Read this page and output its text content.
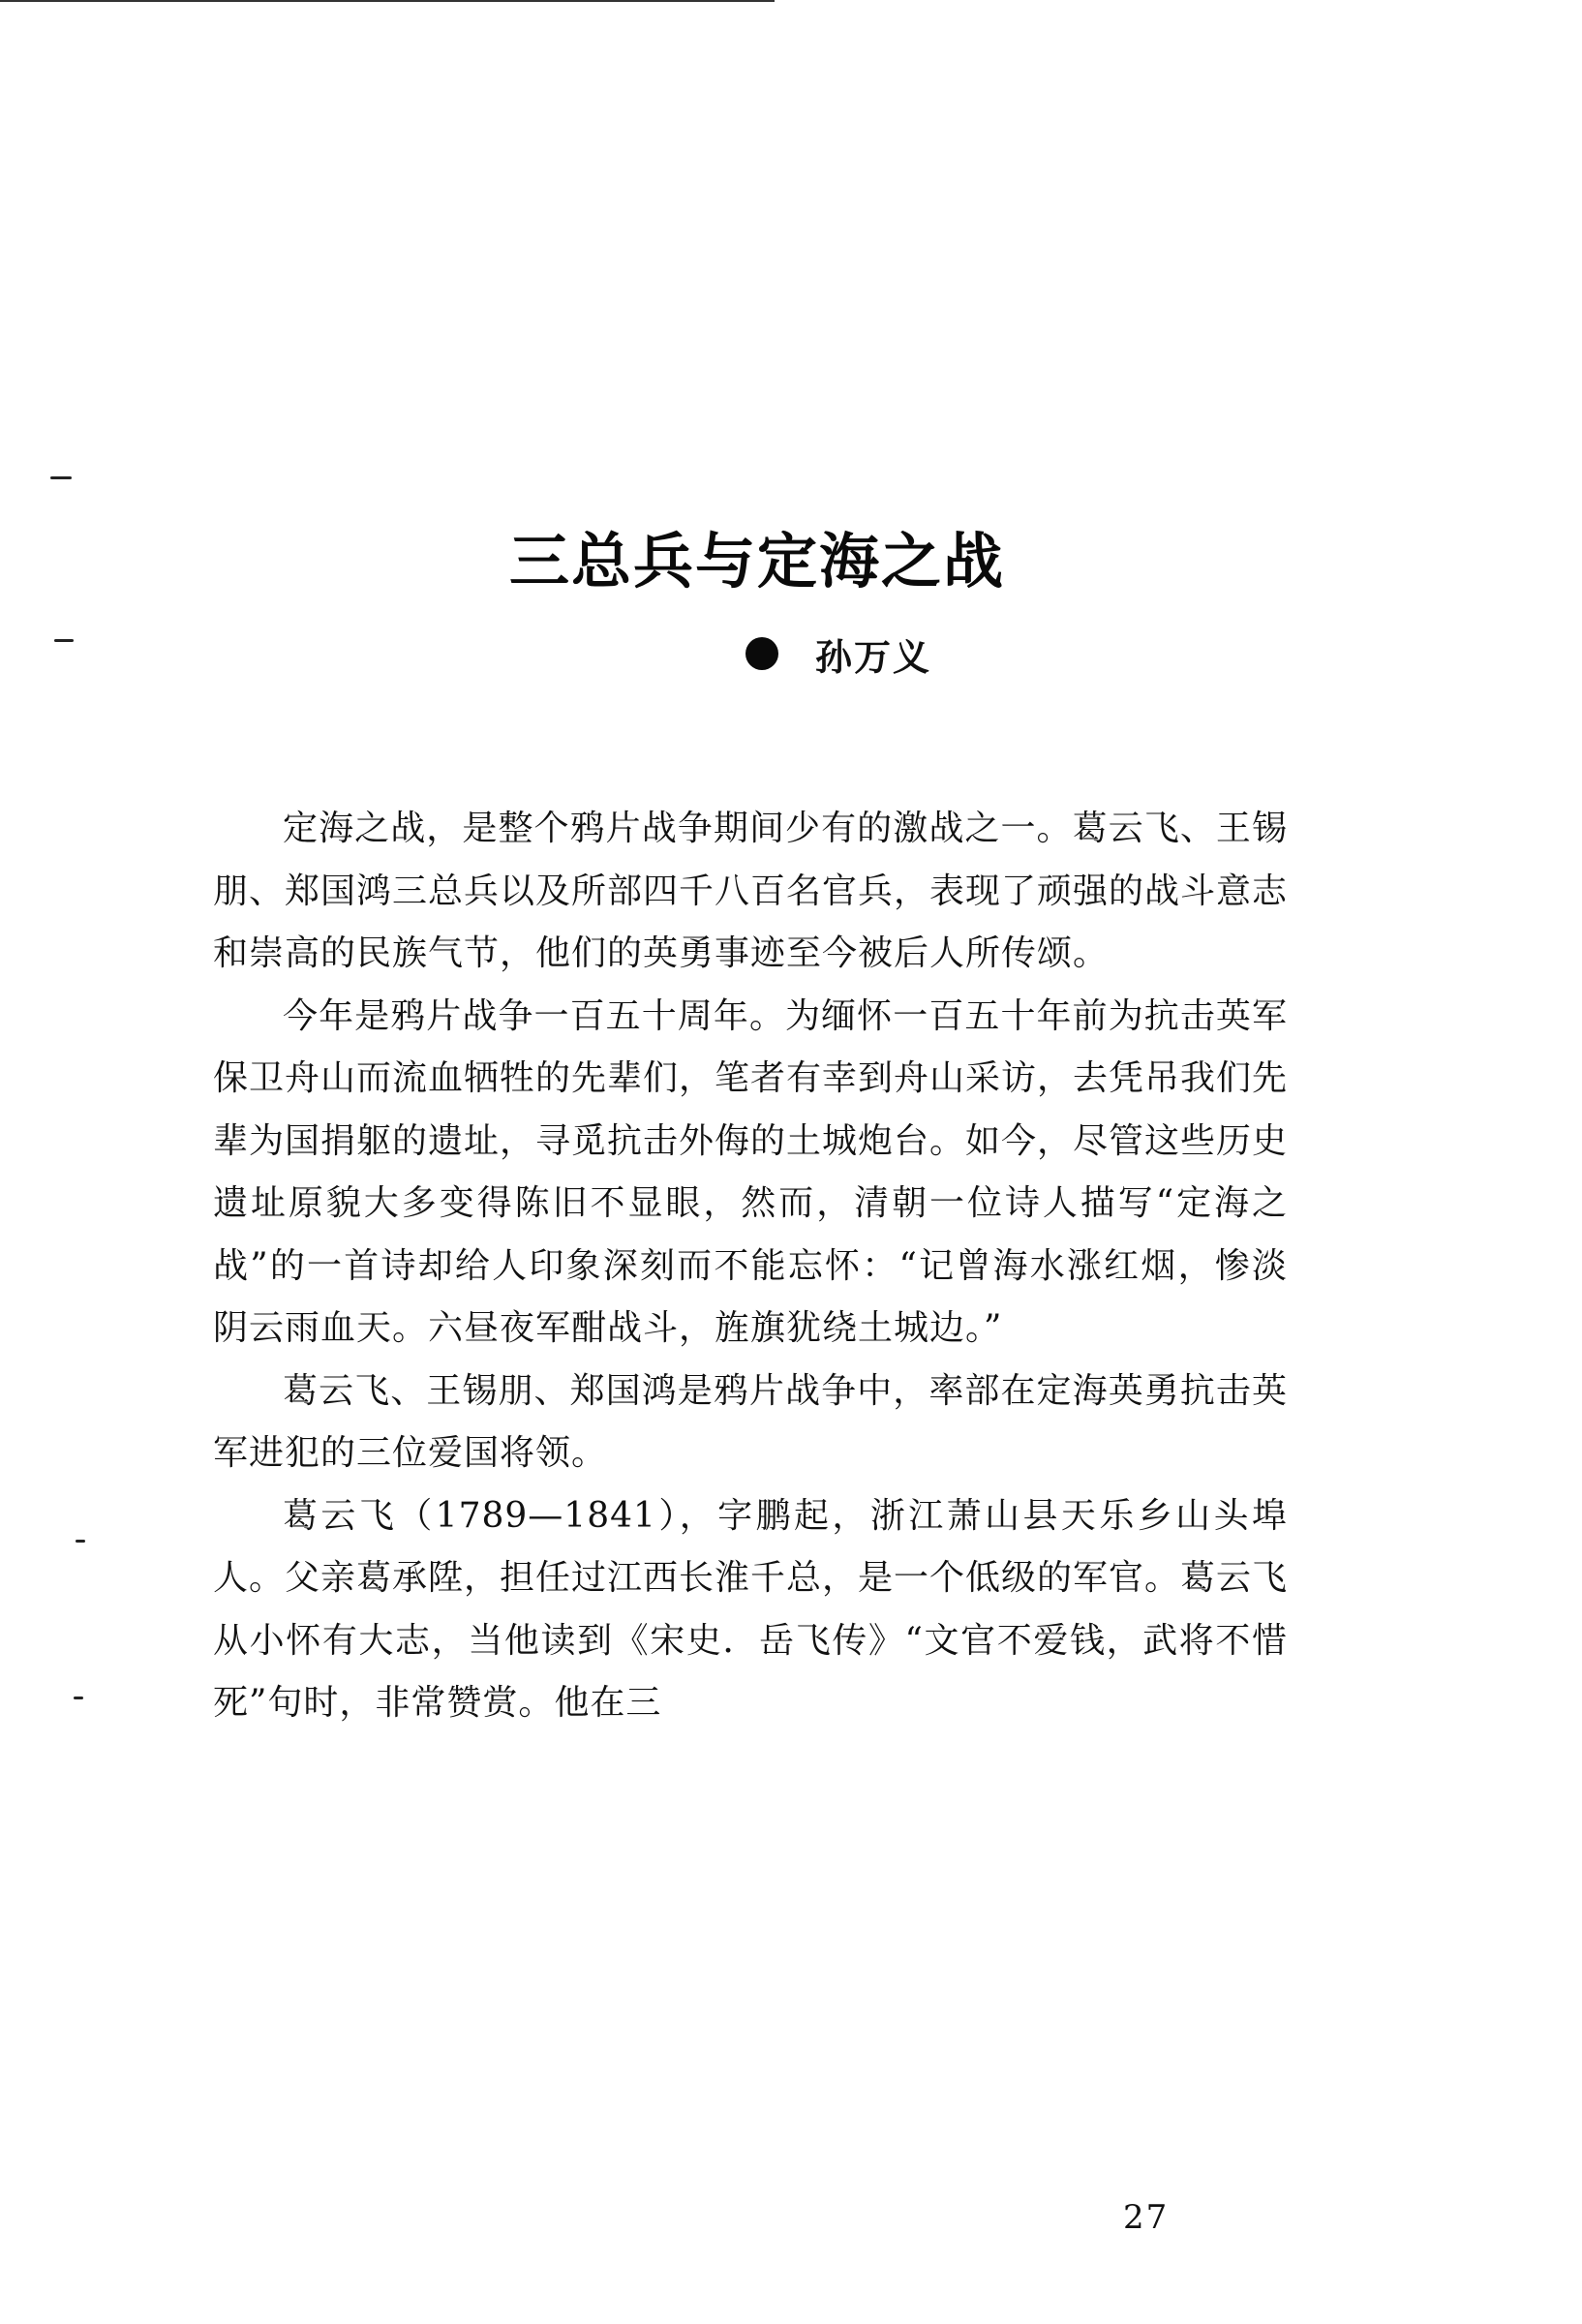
三总兵与定海之战
孙万义

定海之战，是整个鸦片战争期间少有的激战之一。葛云飞、王锡朋、郑国鸿三总兵以及所部四千八百名官兵，表现了顽强的战斗意志和崇高的民族气节，他们的英勇事迹至今被后人所传颂。

今年是鸦片战争一百五十周年。为缅怀一百五十年前为抗击英军保卫舟山而流血牺牲的先辈们，笔者有幸到舟山采访，去凭吊我们先辈为国捐躯的遗址，寻觅抗击外侮的土城炮台。如今，尽管这些历史遗址原貌大多变得陈旧不显眼，然而，清朝一位诗人描写“定海之战”的一首诗却给人印象深刻而不能忘怀：“记曾海水涨红烟，惨淡阴云雨血天。六昼夜军酣战斗，旌旗犹绕土城边。”

葛云飞、王锡朋、郑国鸿是鸦片战争中，率部在定海英勇抗击英军进犯的三位爱国将领。

葛云飞（1789—1841），字鹏起，浙江萧山县天乐乡山头埠人。父亲葛承陞，担任过江西长淮千总，是一个低级的军官。葛云飞从小怀有大志，当他读到《宋史．岳飞传》“文官不爱钱，武将不惜死”句时，非常赞赏。他在三

27
